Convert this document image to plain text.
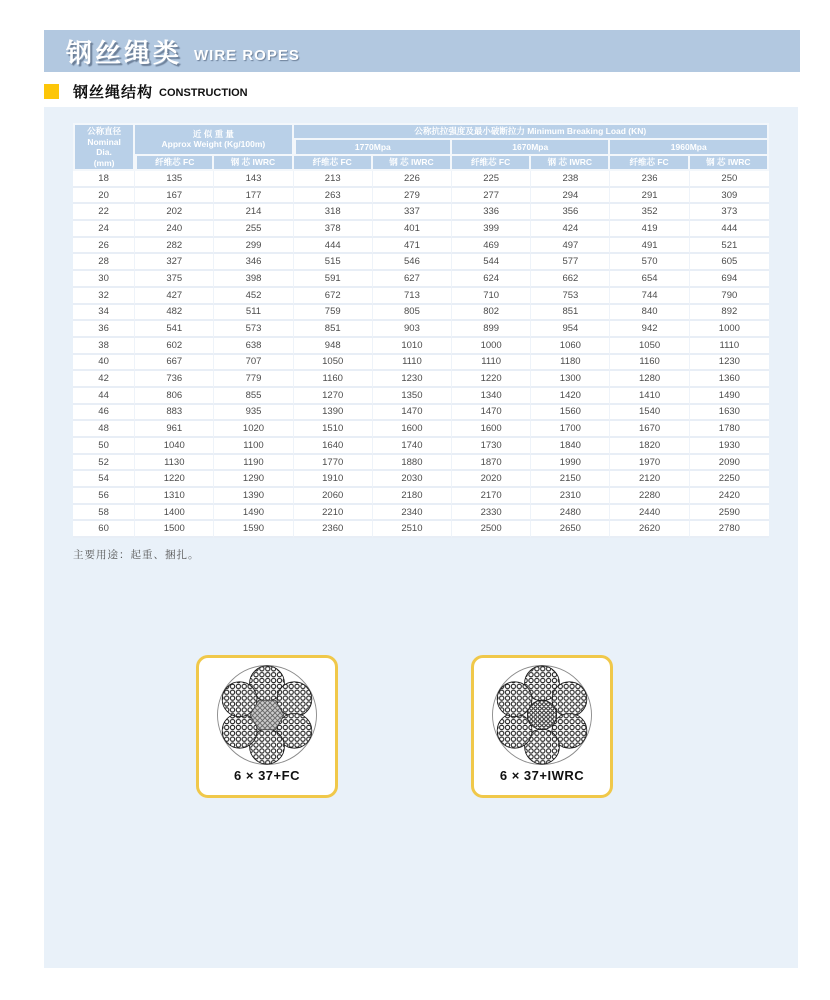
钢丝绳类 WIRE ROPES
钢丝绳结构 CONSTRUCTION
公称直径
Nominal
Dia.
(mm)	近 似 重 量
Approx Weight (Kg/100m)		公称抗拉强度及最小破断拉力 Minimum Breaking Load (KN)					
			1770Mpa		1670Mpa		1960Mpa	
	纤维芯 FC	钢 芯 IWRC	纤维芯 FC	钢 芯 IWRC	纤维芯 FC	钢 芯 IWRC	纤维芯 FC	钢 芯 IWRC
18	135	143	213	226	225	238	236	250
20	167	177	263	279	277	294	291	309
22	202	214	318	337	336	356	352	373
24	240	255	378	401	399	424	419	444
26	282	299	444	471	469	497	491	521
28	327	346	515	546	544	577	570	605
30	375	398	591	627	624	662	654	694
32	427	452	672	713	710	753	744	790
34	482	511	759	805	802	851	840	892
36	541	573	851	903	899	954	942	1000
38	602	638	948	1010	1000	1060	1050	1110
40	667	707	1050	1110	1110	1180	1160	1230
42	736	779	1160	1230	1220	1300	1280	1360
44	806	855	1270	1350	1340	1420	1410	1490
46	883	935	1390	1470	1470	1560	1540	1630
48	961	1020	1510	1600	1600	1700	1670	1780
50	1040	1100	1640	1740	1730	1840	1820	1930
52	1130	1190	1770	1880	1870	1990	1970	2090
54	1220	1290	1910	2030	2020	2150	2120	2250
56	1310	1390	2060	2180	2170	2310	2280	2420
58	1400	1490	2210	2340	2330	2480	2440	2590
60	1500	1590	2360	2510	2500	2650	2620	2780
主要用途：起重、捆扎。
6 × 37+FC	6 × 37+IWRC
